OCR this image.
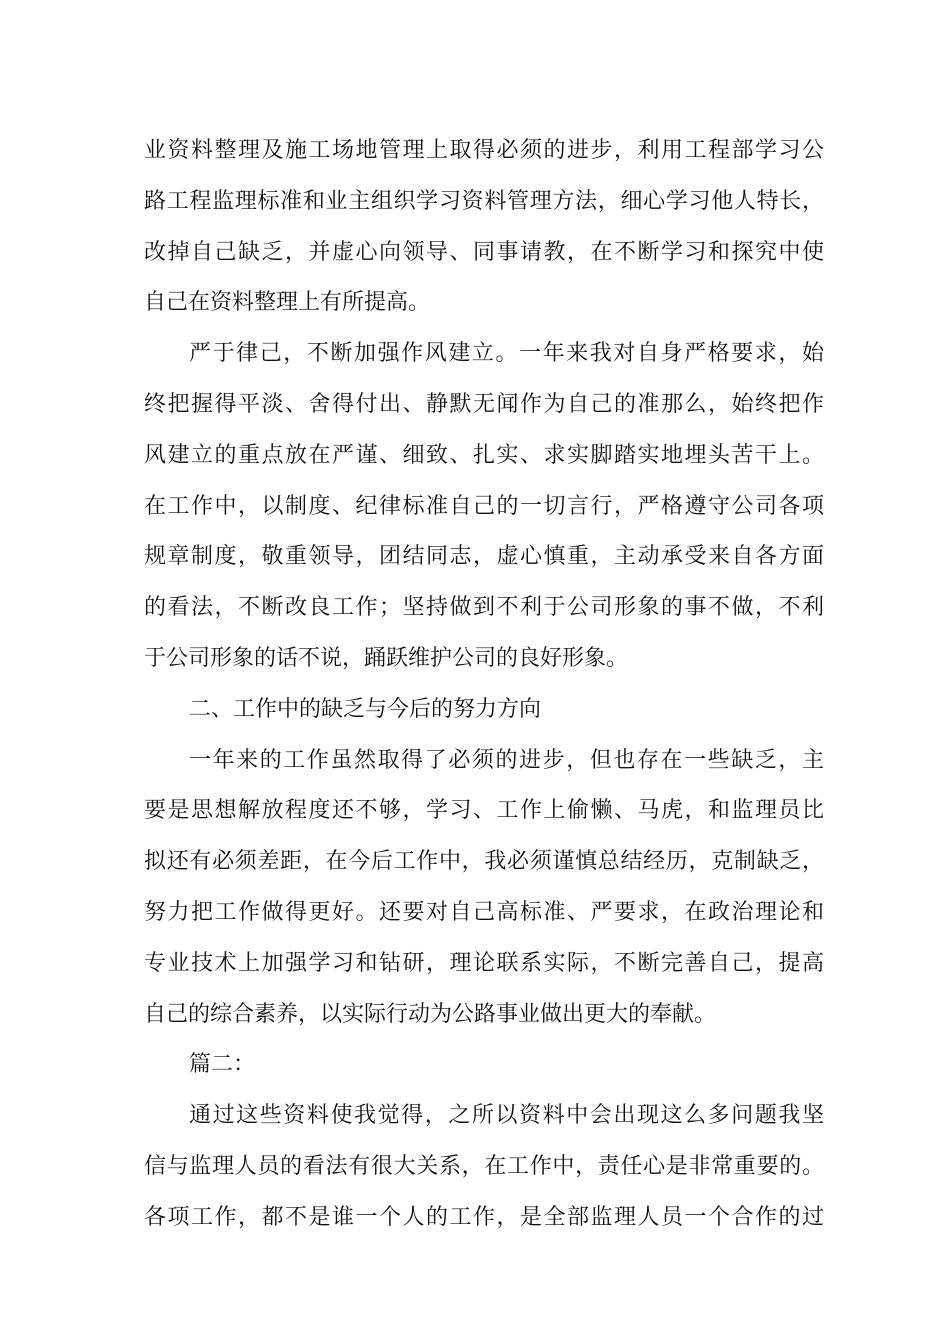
业资料整理及施工场地管理上取得必须的进步，利用工程部学习公
路工程监理标准和业主组织学习资料管理方法，细心学习他人特长，
改掉自己缺乏，并虚心向领导、同事请教，在不断学习和探究中使
自己在资料整理上有所提高。
严于律己，不断加强作风建立。一年来我对自身严格要求，始
终把握得平淡、舍得付出、静默无闻作为自己的准那么，始终把作
风建立的重点放在严谨、细致、扎实、求实脚踏实地埋头苦干上。
在工作中，以制度、纪律标准自己的一切言行，严格遵守公司各项
规章制度，敬重领导，团结同志，虚心慎重，主动承受来自各方面
的看法，不断改良工作；坚持做到不利于公司形象的事不做，不利
于公司形象的话不说，踊跃维护公司的良好形象。
二、工作中的缺乏与今后的努力方向
一年来的工作虽然取得了必须的进步，但也存在一些缺乏，主
要是思想解放程度还不够，学习、工作上偷懒、马虎，和监理员比
拟还有必须差距，在今后工作中，我必须谨慎总结经历，克制缺乏，
努力把工作做得更好。还要对自己高标准、严要求，在政治理论和
专业技术上加强学习和钻研，理论联系实际，不断完善自己，提高
自己的综合素养，以实际行动为公路事业做出更大的奉献。
篇二：
通过这些资料使我觉得，之所以资料中会出现这么多问题我坚
信与监理人员的看法有很大关系，在工作中，责任心是非常重要的。
各项工作，都不是谁一个人的工作，是全部监理人员一个合作的过
